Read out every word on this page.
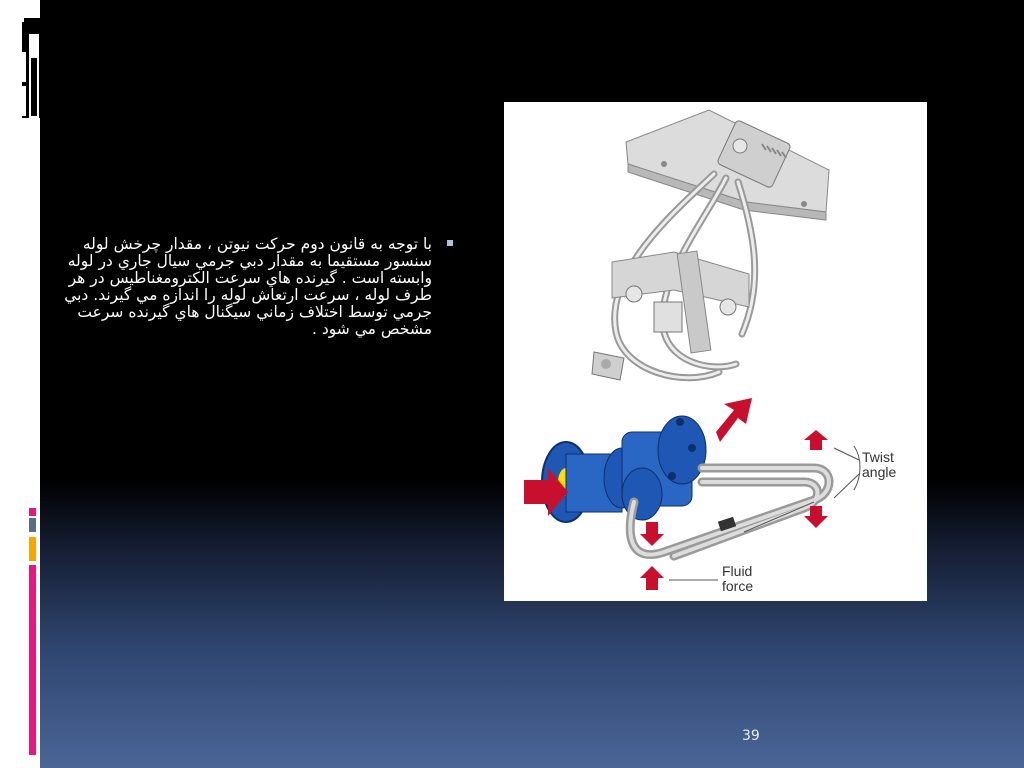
با توجه به قانون دوم حركت نيوتن ، مقدار چرخش لوله سنسور مستقيما به مقدار دبي جرمي سيال جاري در لوله وابسته است . گيرنده هاي سرعت الكترومغناطيس در هر طرف لوله ، سرعت ارتعاش لوله را اندازه مي گيرند. دبي جرمي توسط اختلاف زماني سيگنال هاي گيرنده سرعت مشخص مي شود .
Twist
angle
Fluid
force
39
